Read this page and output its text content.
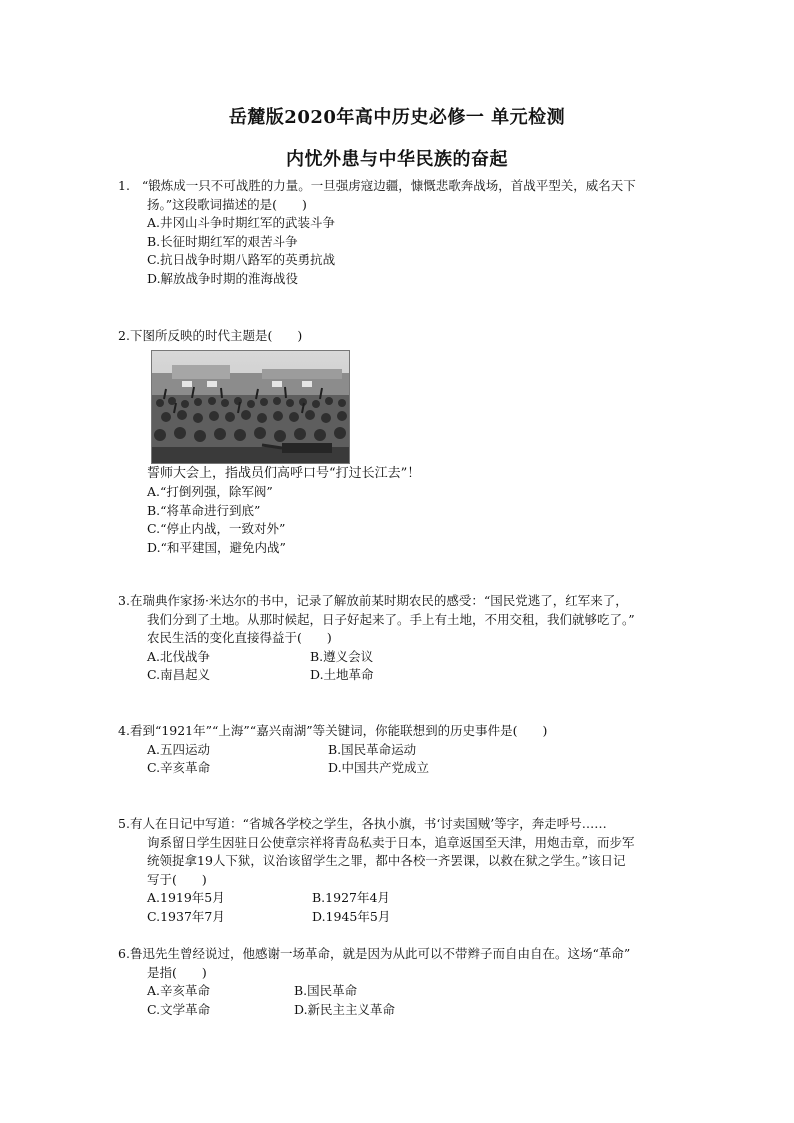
岳麓版2020年高中历史必修一 单元检测
内忧外患与中华民族的奋起
1. “锻炼成一只不可战胜的力量。一旦强虏寇边疆，慷慨悲歌奔战场，首战平型关，威名天下
扬。”这段歌词描述的是(　　)
A.井冈山斗争时期红军的武装斗争
B.长征时期红军的艰苦斗争
C.抗日战争时期八路军的英勇抗战
D.解放战争时期的淮海战役
2.下图所反映的时代主题是(　　)
誓师大会上，指战员们高呼口号“打过长江去”！
A.“打倒列强，除军阀”
B.“将革命进行到底”
C.“停止内战，一致对外”
D.“和平建国，避免内战”
3.在瑞典作家扬·米达尔的书中，记录了解放前某时期农民的感受：“国民党逃了，红军来了，
我们分到了土地。从那时候起，日子好起来了。手上有土地，不用交租，我们就够吃了。”
农民生活的变化直接得益于(　　)
A.北伐战争	B.遵义会议
C.南昌起义	D.土地革命
4.看到“1921年”“上海”“嘉兴南湖”等关键词，你能联想到的历史事件是(　　)
A.五四运动	B.国民革命运动
C.辛亥革命	D.中国共产党成立
5.有人在日记中写道：“省城各学校之学生，各执小旗，书‘讨卖国贼’等字，奔走呼号……
询系留日学生因驻日公使章宗祥将青岛私卖于日本，追章返国至天津，用炮击章，而步军
统领捉拿19人下狱，议治该留学生之罪，都中各校一齐罢课，以救在狱之学生。”该日记
写于(　　)
A.1919年5月	B.1927年4月
C.1937年7月	D.1945年5月
6.鲁迅先生曾经说过，他感谢一场革命，就是因为从此可以不带辫子而自由自在。这场“革命”
是指(　　)
A.辛亥革命	B.国民革命
C.文学革命	D.新民主主义革命
